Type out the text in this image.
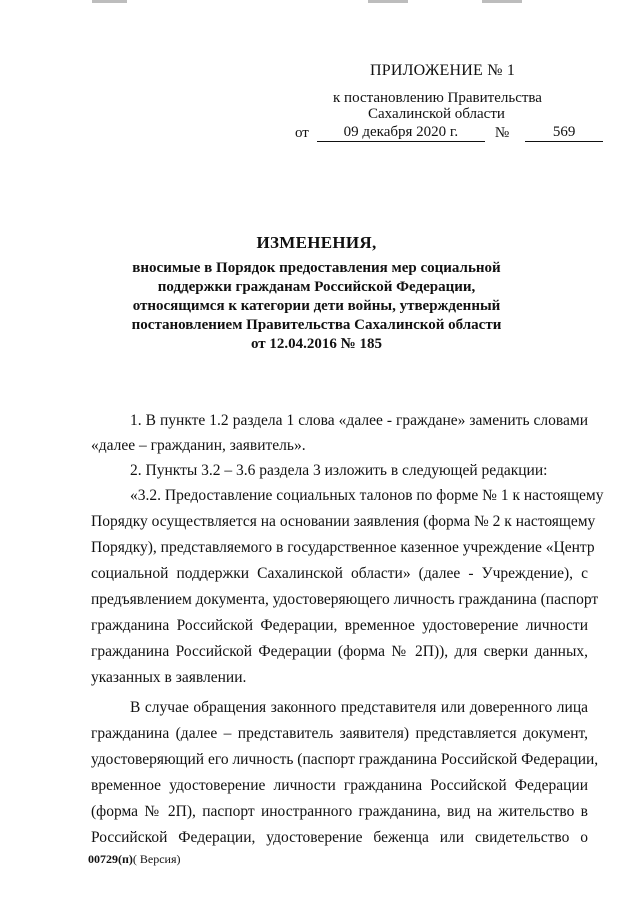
ПРИЛОЖЕНИЕ № 1

к постановлению Правительства

Сахалинской области

от	09 декабря 2020 г.	№	569

ИЗМЕНЕНИЯ,

вносимые в Порядок предоставления мер социальной

поддержки гражданам Российской Федерации,

относящимся к категории дети войны, утвержденный

постановлением Правительства Сахалинской области

от 12.04.2016 № 185

1. В пункте 1.2 раздела 1 слова «далее - граждане» заменить словами

«далее – гражданин, заявитель».

2. Пункты 3.2 – 3.6 раздела 3 изложить в следующей редакции:

«3.2. Предоставление социальных талонов по форме № 1 к настоящему

Порядку осуществляется на основании заявления (форма № 2 к настоящему

Порядку), представляемого в государственное казенное учреждение «Центр

социальной поддержки Сахалинской области» (далее - Учреждение), с

предъявлением документа, удостоверяющего личность гражданина (паспорт

гражданина Российской Федерации, временное удостоверение личности

гражданина Российской Федерации (форма № 2П)), для сверки данных,

указанных в заявлении.

В случае обращения законного представителя или доверенного лица

гражданина (далее – представитель заявителя) представляется документ,

удостоверяющий его личность (паспорт гражданина Российской Федерации,

временное удостоверение личности гражданина Российской Федерации

(форма № 2П), паспорт иностранного гражданина, вид на жительство в

Российской Федерации, удостоверение беженца или свидетельство о

00729(п)( Версия)
